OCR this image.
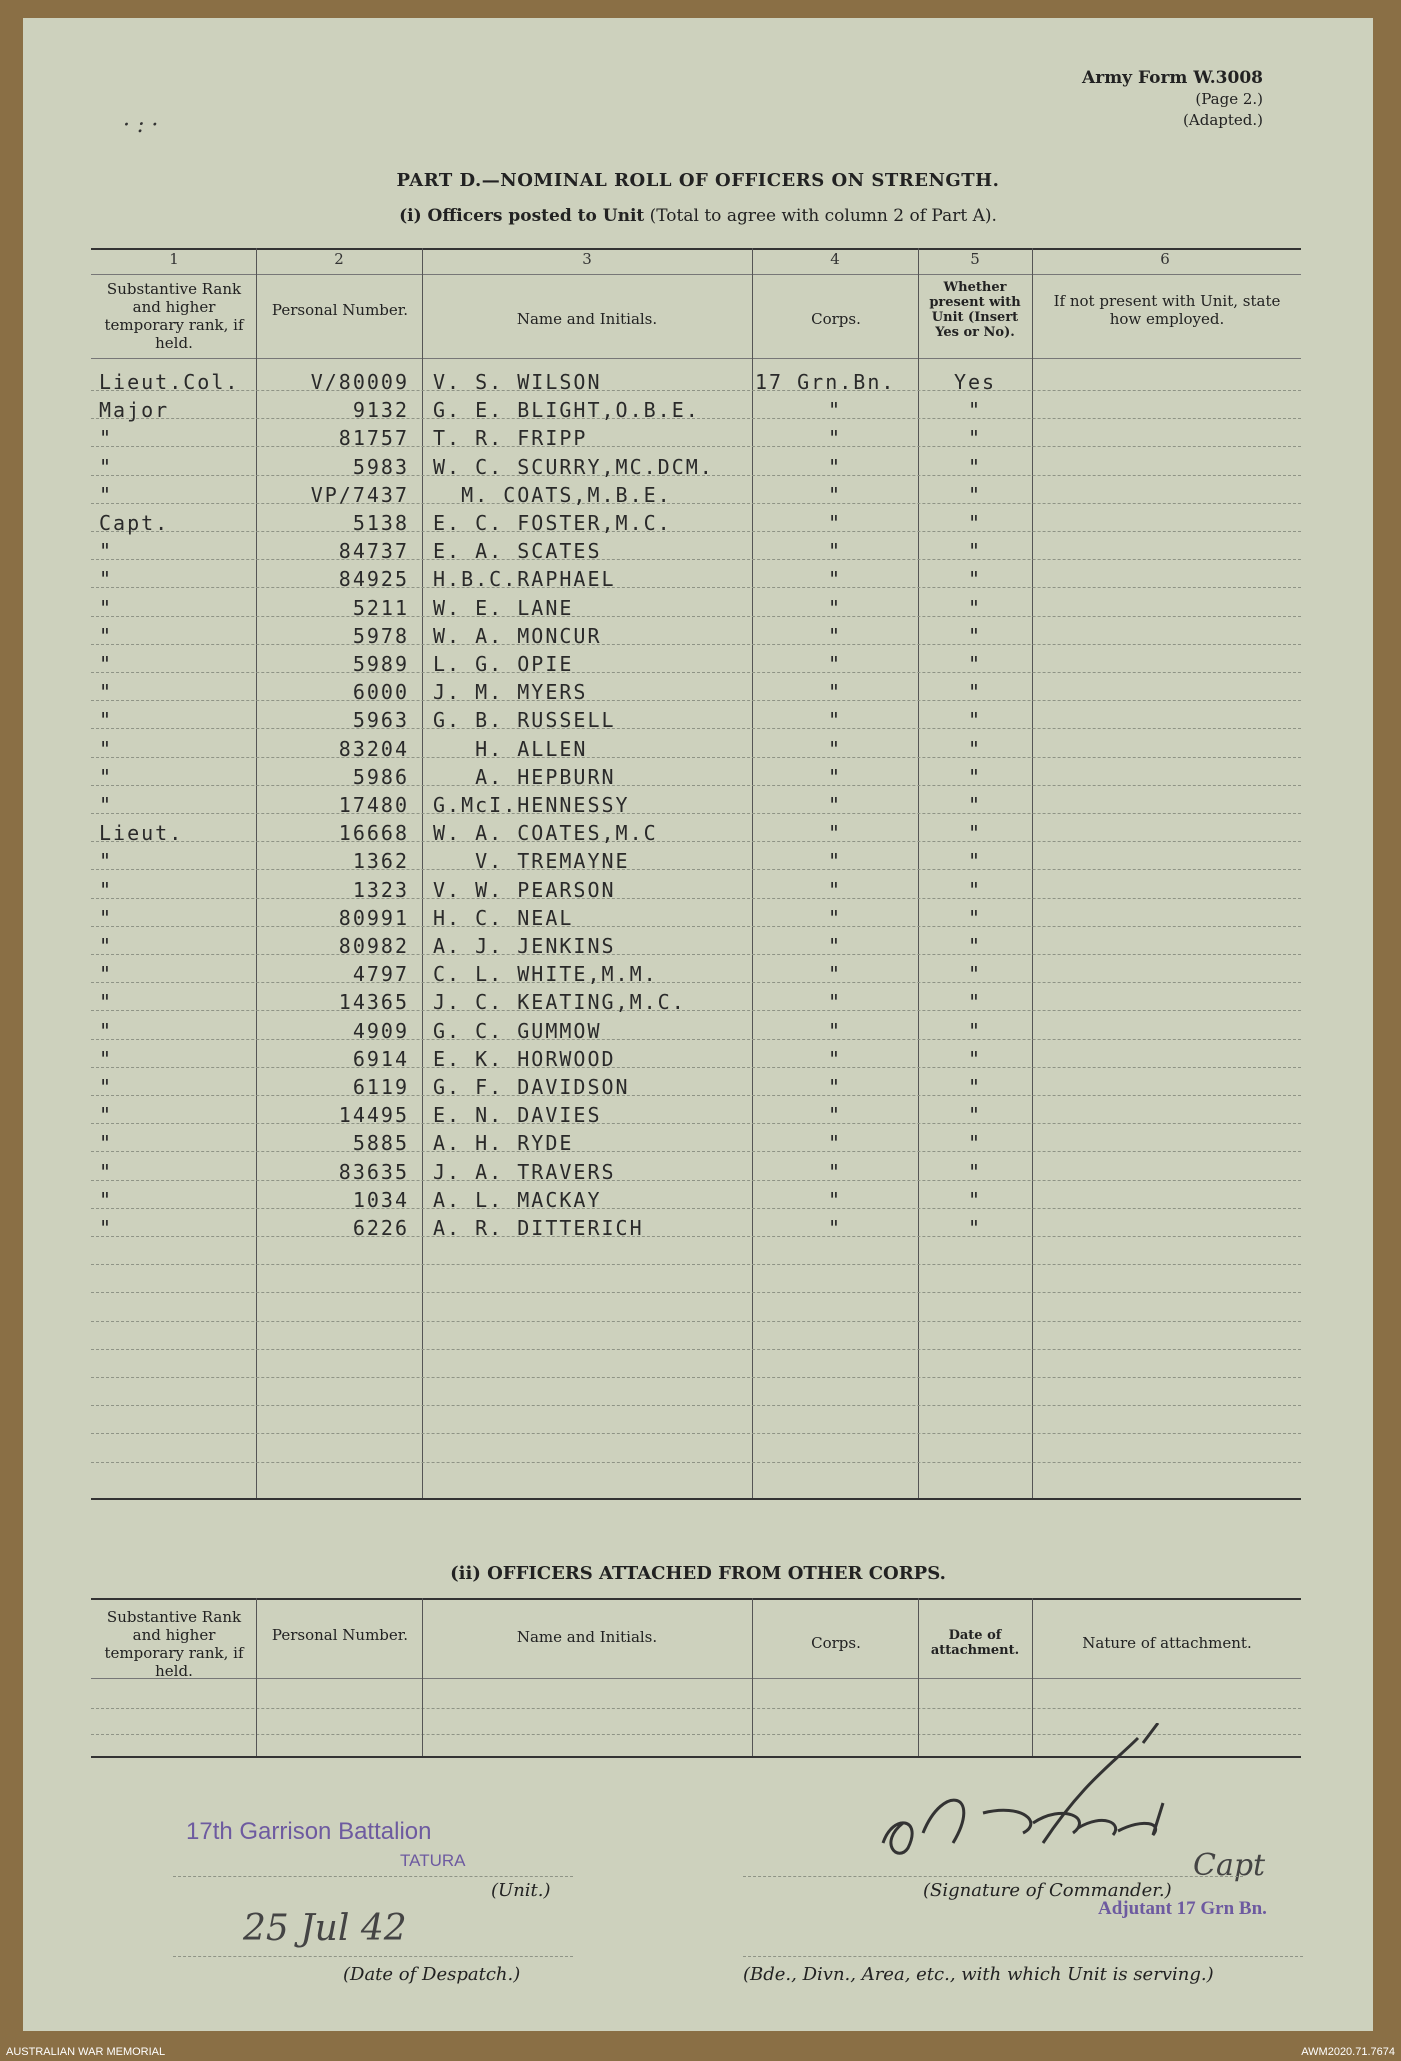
Army Form W.3008
(Page 2.)
(Adapted.)
PART D.—NOMINAL ROLL OF OFFICERS ON STRENGTH.
(i) Officers posted to Unit (Total to agree with column 2 of Part A).
1	2	3	4	5	6
Substantive Rank and higher temporary rank, if held.
Personal Number.	Name and Initials.	Corps.
Whether present with Unit (Insert Yes or No).
If not present with Unit, state how employed.
Lieut.Col.	V/80009 V. S. WILSON	17 Grn.Bn.	Yes
Major	9132 G. E. BLIGHT,O.B.E.	"	"
"	81757 T. R. FRIPP	"	"
"	5983 W. C. SCURRY,MC.DCM.	"	"
"	VP/7437 M. COATS,M.B.E.	"	"
Capt.	5138 E. C. FOSTER,M.C.	"	"
"	84737 E. A. SCATES	"	"
"	84925 H.B.C.RAPHAEL	"	"
"	5211 W. E. LANE	"	"
"	5978 W. A. MONCUR	"	"
"	5989 L. G. OPIE	"	"
"	6000 J. M. MYERS	"	"
"	5963 G. B. RUSSELL	"	"
"	83204 H. ALLEN	"	"
"	5986 A. HEPBURN	"	"
"	17480 G.McI.HENNESSY	"	"
Lieut.	16668 W. A. COATES,M.C	"	"
"	1362 V. TREMAYNE	"	"
"	1323 V. W. PEARSON	"	"
"	80991 H. C. NEAL	"	"
"	80982 A. J. JENKINS	"	"
"	4797 C. L. WHITE,M.M.	"	"
"	14365 J. C. KEATING,M.C.	"	"
"	4909 G. C. GUMMOW	"	"
"	6914 E. K. HORWOOD	"	"
"	6119 G. F. DAVIDSON	"	"
"	14495 E. N. DAVIES	"	"
"	5885 A. H. RYDE	"	"
"	83635 J. A. TRAVERS	"	"
"	1034 A. L. MACKAY	"	"
"	6226 A. R. DITTERICH	"	"
(ii) OFFICERS ATTACHED FROM OTHER CORPS.
Substantive Rank and higher temporary rank, if held.
Personal Number.	Name and Initials.	Corps.	Date of attachment.	Nature of attachment.
17th Garrison Battalion
TATURA
(Unit.)
Capt
(Signature of Commander.)
Adjutant 17 Grn Bn.
25 Jul 42
(Date of Despatch.)	(Bde., Divn., Area, etc., with which Unit is serving.)
· : ·
AUSTRALIAN WAR MEMORIAL	AWM2020.71.7674
